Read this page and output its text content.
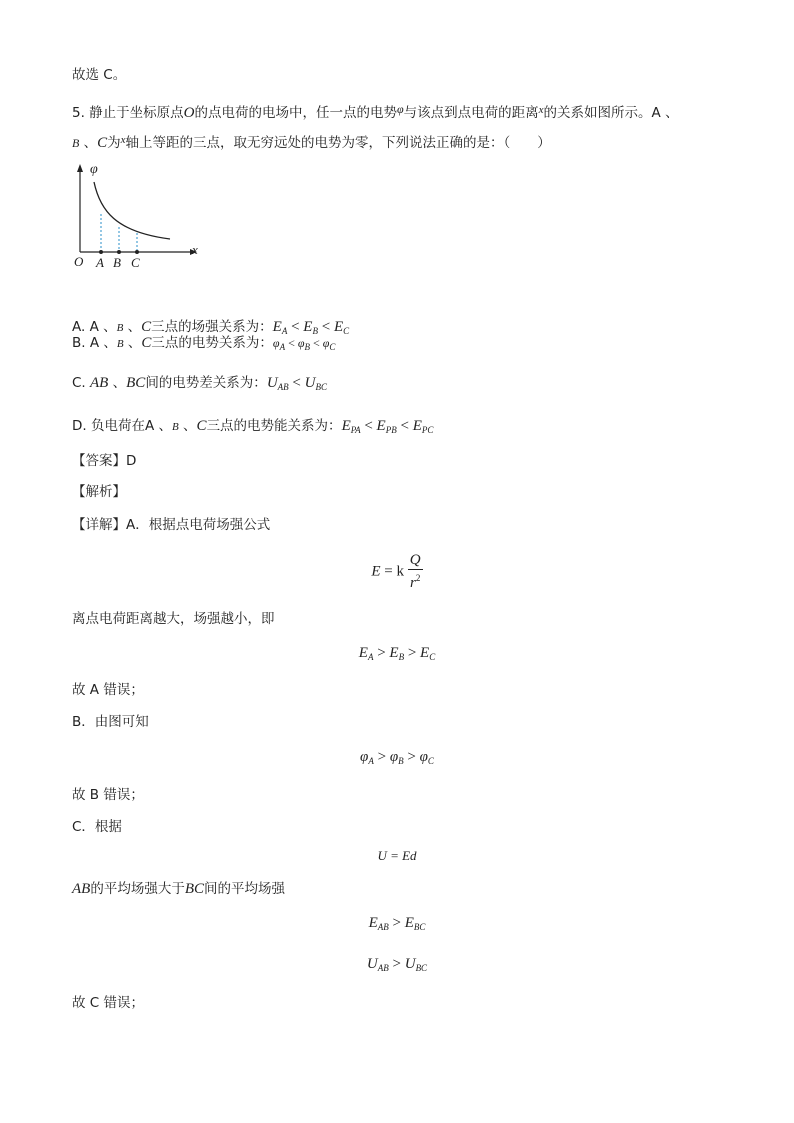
故选 C。
5. 静止于坐标原点O的点电荷的电场中，任一点的电势φ与该点到点电荷的距离$^x$的关系如图所示。A 、
B 、C为$^x$轴上等距的三点，取无穷远处的电势为零，下列说法正确的是：（　　）
φ
x
O A B C
A. A 、B 、C三点的场强关系为：$E_A < E_B < E_C$
B. A 、B 、C三点的电势关系为：$\varphi_A < \varphi_B < \varphi_C$
C. AB 、BC间的电势差关系为：$U_{AB} < U_{BC}$
D. 负电荷在A 、B 、C三点的电势能关系为：$E_{PA} < E_{PB} < E_{PC}$
【答案】D
【解析】
【详解】A．根据点电荷场强公式
E = k $\frac{Q}{r^2}$
离点电荷距离越大，场强越小，即
$E_A > E_B > E_C$
故 A 错误；
B．由图可知
$\varphi_A > \varphi_B > \varphi_C$
故 B 错误；
C．根据
U = Ed
AB的平均场强大于BC间的平均场强
$E_{AB} > E_{BC}$
$U_{AB} > U_{BC}$
故 C 错误；
